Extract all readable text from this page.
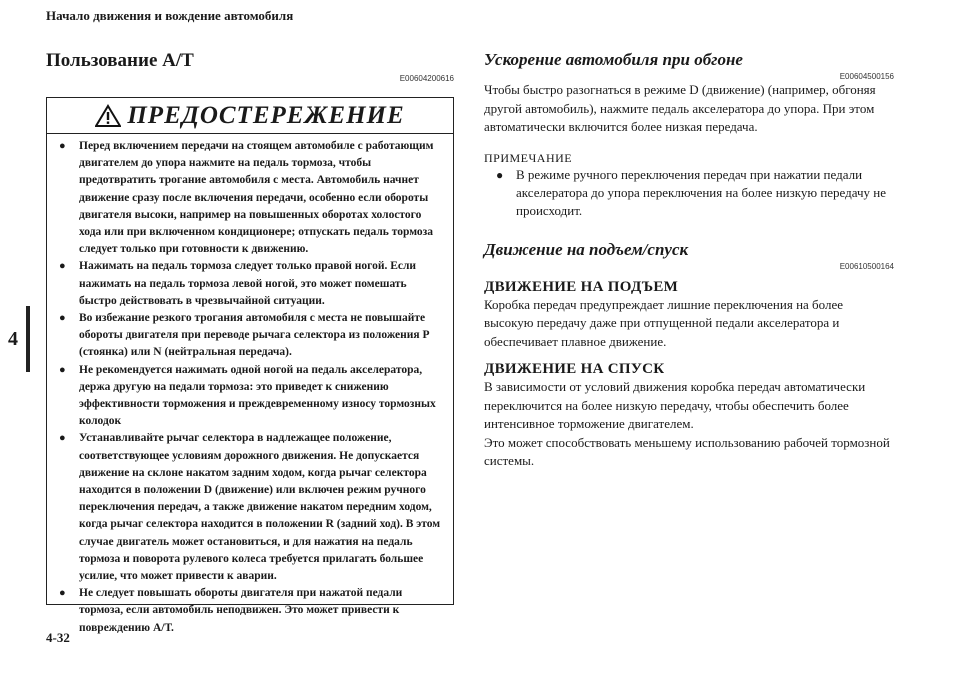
Начало движения и вождение автомобиля
4
Пользование А/Т
E00604200616
ПРЕДОСТЕРЕЖЕНИЕ
● Перед включением передачи на стоящем автомобиле с работающим двигателем до упора нажмите на педаль тормоза, чтобы предотвратить трогание автомобиля с места. Автомобиль начнет движение сразу после включения передачи, особенно если обороты двигателя высоки, например на повышенных оборотах холостого хода или при включенном кондиционере; отпускать педаль тормоза следует только при готовности к движению.
● Нажимать на педаль тормоза следует только правой ногой. Если нажимать на педаль тормоза левой ногой, это может помешать быстро действовать в чрезвычайной ситуации.
● Во избежание резкого трогания автомобиля с места не повышайте обороты двигателя при переводе рычага селектора из положения P (стоянка) или N (нейтральная передача).
● Не рекомендуется нажимать одной ногой на педаль акселератора, держа другую на педали тормоза: это приведет к снижению эффективности торможения и преждевременному износу тормозных колодок
● Устанавливайте рычаг селектора в надлежащее положение, соответствующее условиям дорожного движения. Не допускается движение на склоне накатом задним ходом, когда рычаг селектора находится в положении D (движение) или включен режим ручного переключения передач, а также движение накатом передним ходом, когда рычаг селектора находится в положении R (задний ход). В этом случае двигатель может остановиться, и для нажатия на педаль тормоза и поворота рулевого колеса требуется прилагать большее усилие, что может привести к аварии.
● Не следует повышать обороты двигателя при нажатой педали тормоза, если автомобиль неподвижен. Это может привести к повреждению А/Т.
Ускорение автомобиля при обгоне
E00604500156

Чтобы быстро разогнаться в режиме D (движение) (например, обгоняя другой автомобиль), нажмите педаль акселератора до упора. При этом автоматически включится более низкая передача.

ПРИМЕЧАНИЕ
● В режиме ручного переключения передач при нажатии педали акселератора до упора переключения на более низкую передачу не происходит.
Движение на подъем/спуск
E00610500164
ДВИЖЕНИЕ НА ПОДЪЕМ

Коробка передач предупреждает лишние переключения на более высокую передачу даже при отпущенной педали акселератора и обеспечивает плавное движение.

ДВИЖЕНИЕ НА СПУСК

В зависимости от условий движения коробка передач автоматически переключится на более низкую передачу, чтобы обеспечить более интенсивное торможение двигателем.

Это может способствовать меньшему использованию рабочей тормозной системы.

4-32
